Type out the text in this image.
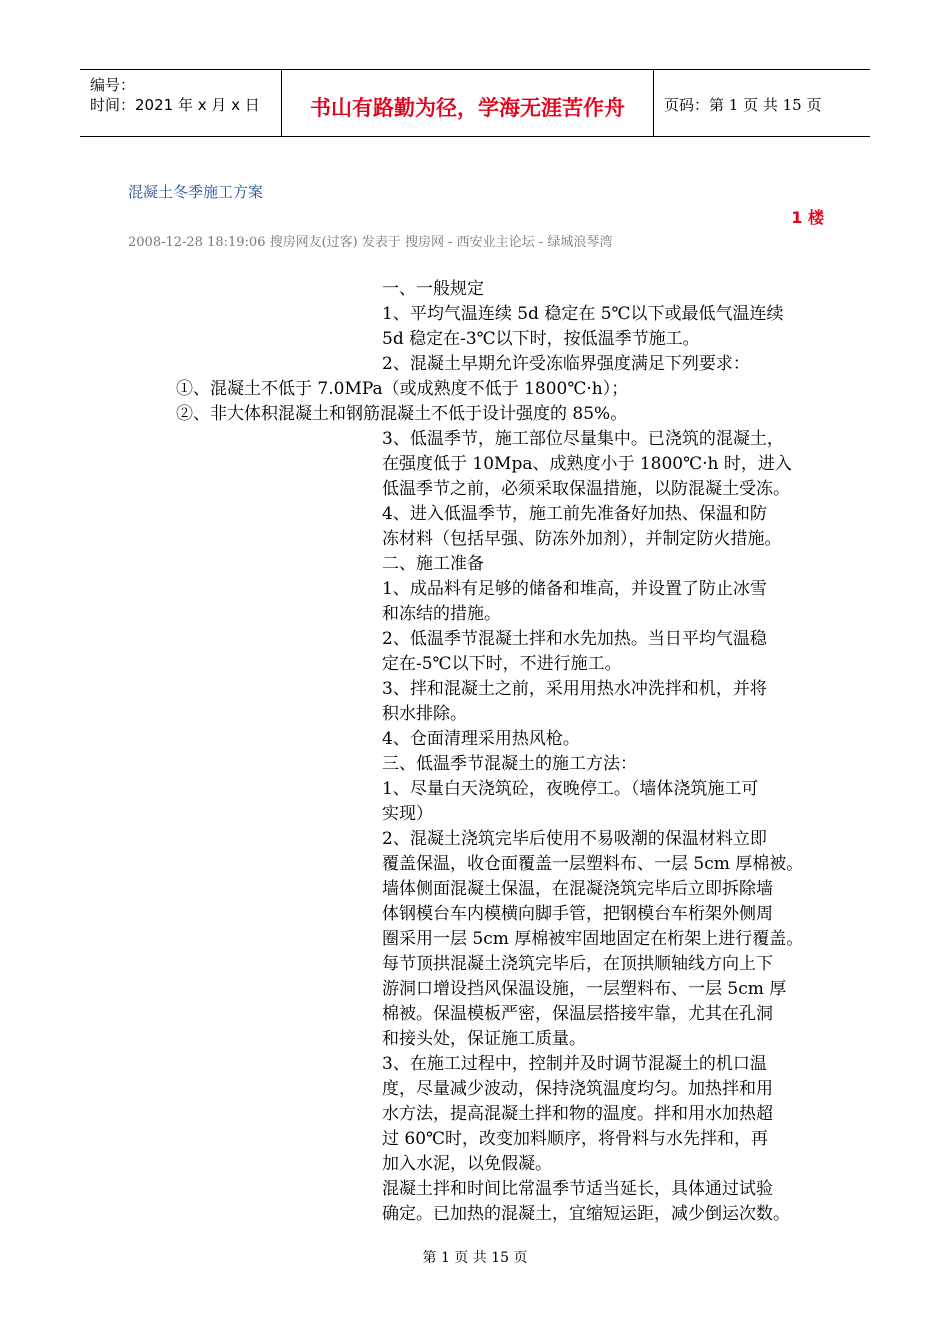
编号：
时间：2021 年 x 月 x 日	书山有路勤为径，学海无涯苦作舟	页码：第 1 页 共 15 页
混凝土冬季施工方案
1 楼
2008-12-28 18:19:06 搜房网友(过客) 发表于 搜房网 - 西安业主论坛 - 绿城浪琴湾
一、一般规定
1、平均气温连续 5d 稳定在 5℃以下或最低气温连续
5d 稳定在-3℃以下时，按低温季节施工。
2、混凝土早期允许受冻临界强度满足下列要求：
①、混凝土不低于 7.0MPa（或成熟度不低于 1800℃·h）；
②、非大体积混凝土和钢筋混凝土不低于设计强度的 85%。
3、低温季节，施工部位尽量集中。已浇筑的混凝土，
在强度低于 10Mpa、成熟度小于 1800℃·h 时，进入
低温季节之前，必须采取保温措施，以防混凝土受冻。
4、进入低温季节，施工前先准备好加热、保温和防
冻材料（包括早强、防冻外加剂），并制定防火措施。
二、施工准备
1、成品料有足够的储备和堆高，并设置了防止冰雪
和冻结的措施。
2、低温季节混凝土拌和水先加热。当日平均气温稳
定在-5℃以下时，不进行施工。
3、拌和混凝土之前，采用用热水冲洗拌和机，并将
积水排除。
4、仓面清理采用热风枪。
三、低温季节混凝土的施工方法：
1、尽量白天浇筑砼，夜晚停工。（墙体浇筑施工可
实现）
2、混凝土浇筑完毕后使用不易吸潮的保温材料立即
覆盖保温，收仓面覆盖一层塑料布、一层 5cm 厚棉被。
墙体侧面混凝土保温，在混凝浇筑完毕后立即拆除墙
体钢模台车内模横向脚手管，把钢模台车桁架外侧周
圈采用一层 5cm 厚棉被牢固地固定在桁架上进行覆盖。
每节顶拱混凝土浇筑完毕后，在顶拱顺轴线方向上下
游洞口增设挡风保温设施，一层塑料布、一层 5cm 厚
棉被。保温模板严密，保温层搭接牢靠，尤其在孔洞
和接头处，保证施工质量。
3、在施工过程中，控制并及时调节混凝土的机口温
度，尽量减少波动，保持浇筑温度均匀。加热拌和用
水方法，提高混凝土拌和物的温度。拌和用水加热超
过 60℃时，改变加料顺序，将骨料与水先拌和，再
加入水泥，以免假凝。
混凝土拌和时间比常温季节适当延长，具体通过试验
确定。已加热的混凝土，宜缩短运距，减少倒运次数。
第 1 页 共 15 页
